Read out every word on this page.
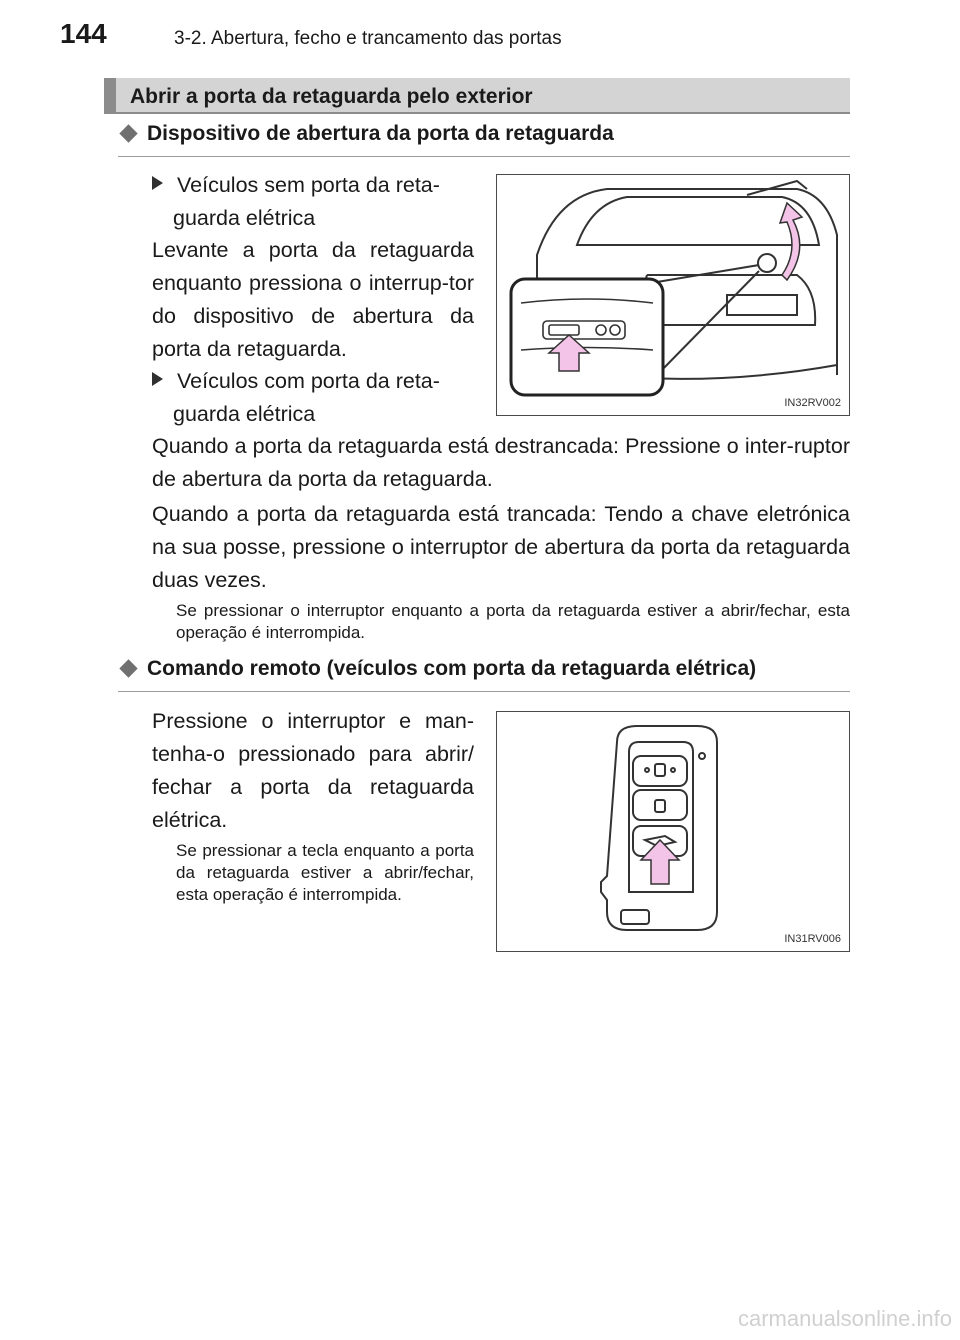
144	3-2. Abertura, fecho e trancamento das portas
Abrir a porta da retaguarda pelo exterior
Dispositivo de abertura da porta da retaguarda
Veículos sem porta da reta-
guarda elétrica
Levante a porta da retaguarda enquanto pressiona o interrup-tor do dispositivo de abertura da porta da retaguarda.
Veículos com porta da reta-
guarda elétrica
Quando a porta da retaguarda está destrancada: Pressione o inter-ruptor de abertura da porta da retaguarda.
Quando a porta da retaguarda está trancada: Tendo a chave eletrónica na sua posse, pressione o interruptor de abertura da porta da retaguarda duas vezes.
Se pressionar o interruptor enquanto a porta da retaguarda estiver a abrir/fechar, esta operação é interrompida.
IN32RV002
Comando remoto (veículos com porta da retaguarda elétrica)
Pressione o interruptor e man-tenha-o pressionado para abrir/ fechar a porta da retaguarda elétrica.
Se pressionar a tecla enquanto a porta da retaguarda estiver a abrir/fechar, esta operação é interrompida.
IN31RV006
carmanualsonline.info
